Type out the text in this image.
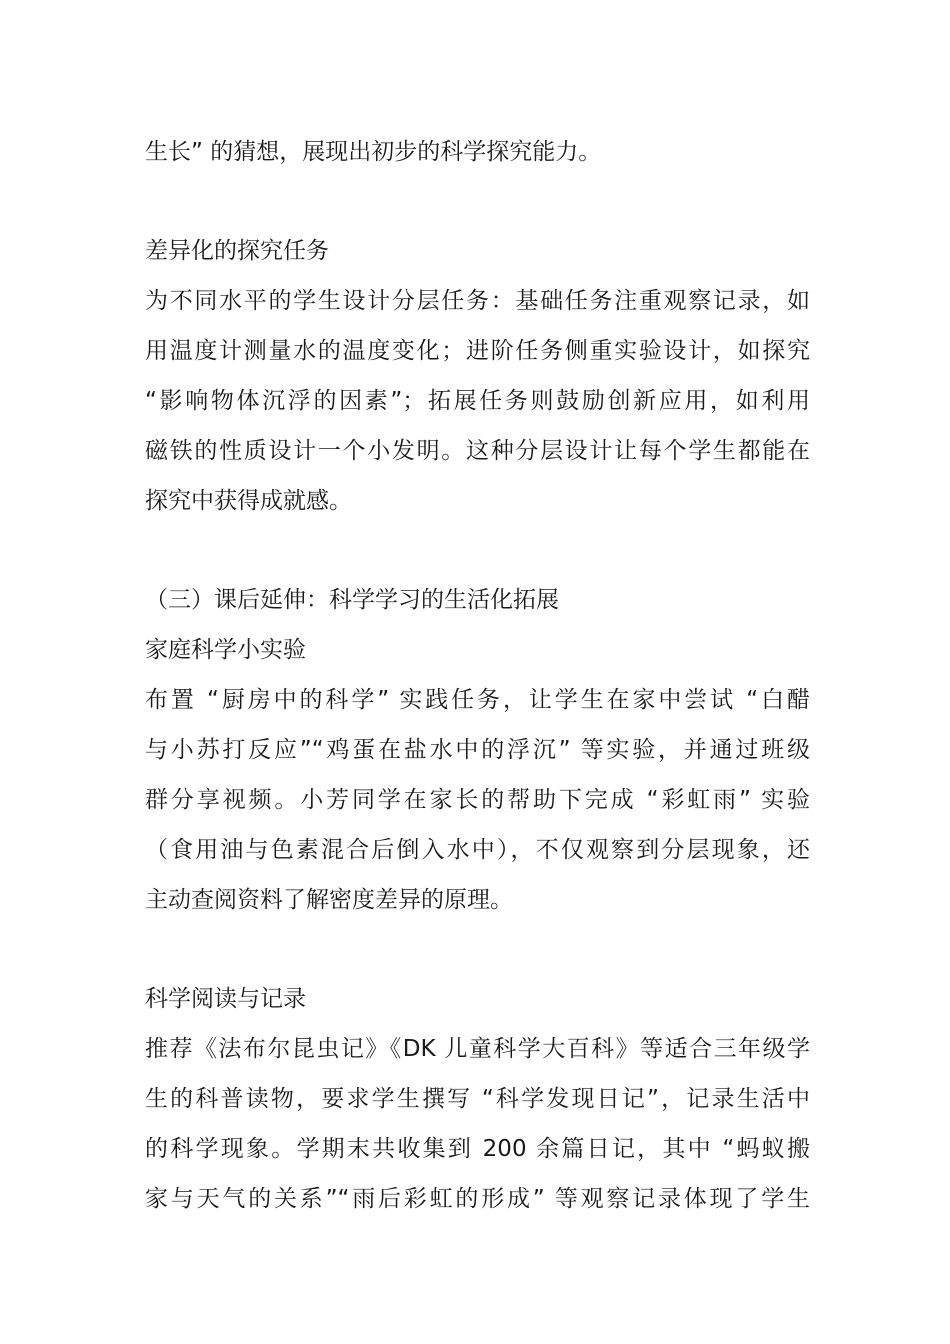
生长” 的猜想，展现出初步的科学探究能力。
差异化的探究任务
为不同水平的学生设计分层任务：基础任务注重观察记录，如
用温度计测量水的温度变化；进阶任务侧重实验设计，如探究
“影响物体沉浮的因素”；拓展任务则鼓励创新应用，如利用
磁铁的性质设计一个小发明。这种分层设计让每个学生都能在
探究中获得成就感。
（三）课后延伸：科学学习的生活化拓展
家庭科学小实验
布置 “厨房中的科学” 实践任务，让学生在家中尝试 “白醋
与小苏打反应”“鸡蛋在盐水中的浮沉” 等实验，并通过班级
群分享视频。小芳同学在家长的帮助下完成 “彩虹雨” 实验
（食用油与色素混合后倒入水中），不仅观察到分层现象，还
主动查阅资料了解密度差异的原理。
科学阅读与记录
推荐《法布尔昆虫记》《DK 儿童科学大百科》等适合三年级学
生的科普读物，要求学生撰写 “科学发现日记”，记录生活中
的科学现象。学期末共收集到 200 余篇日记，其中 “蚂蚁搬
家与天气的关系”“雨后彩虹的形成” 等观察记录体现了学生
